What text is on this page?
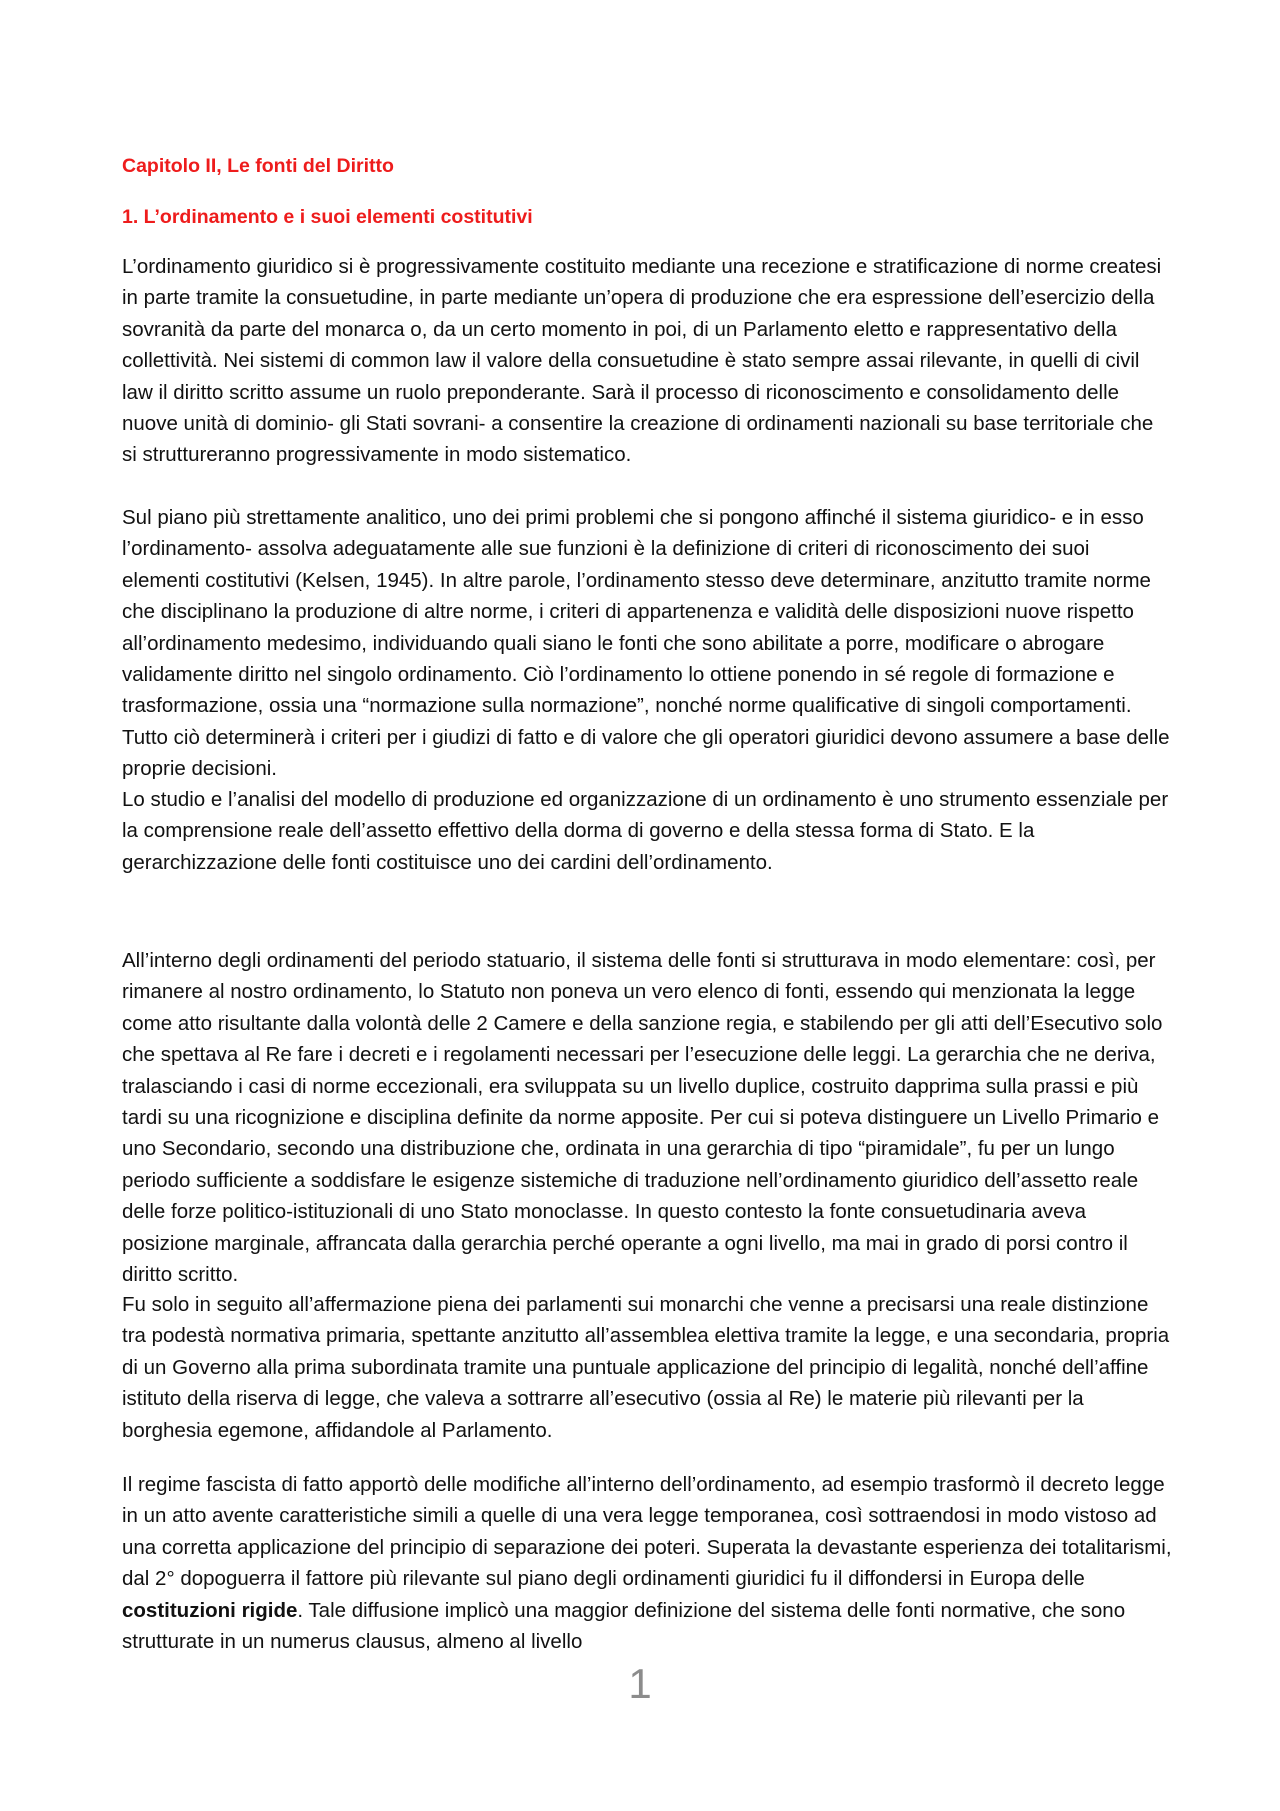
Capitolo II, Le fonti del Diritto
1. L’ordinamento e i suoi elementi costitutivi

L’ordinamento giuridico si è progressivamente costituito mediante una recezione e stratificazione di norme createsi in parte tramite la consuetudine, in parte mediante un’opera di produzione che era espressione dell’esercizio della sovranità da parte del monarca o, da un certo momento in poi, di un Parlamento eletto e rappresentativo della collettività. Nei sistemi di common law il valore della consuetudine è stato sempre assai rilevante, in quelli di civil law il diritto scritto assume un ruolo preponderante. Sarà il processo di riconoscimento e consolidamento delle nuove unità di dominio- gli Stati sovrani- a consentire la creazione di ordinamenti nazionali su base territoriale che si struttureranno progressivamente in modo sistematico.

Sul piano più strettamente analitico, uno dei primi problemi che si pongono affinché il sistema giuridico- e in esso l’ordinamento- assolva adeguatamente alle sue funzioni è la definizione di criteri di riconoscimento dei suoi elementi costitutivi (Kelsen, 1945). In altre parole, l’ordinamento stesso deve determinare, anzitutto tramite norme che disciplinano la produzione di altre norme, i criteri di appartenenza e validità delle disposizioni nuove rispetto all’ordinamento medesimo, individuando quali siano le fonti che sono abilitate a porre, modificare o abrogare validamente diritto nel singolo ordinamento. Ciò l’ordinamento lo ottiene ponendo in sé regole di formazione e trasformazione, ossia una “normazione sulla normazione”, nonché norme qualificative di singoli comportamenti. Tutto ciò determinerà i criteri per i giudizi di fatto e di valore che gli operatori giuridici devono assumere a base delle proprie decisioni.

Lo studio e l’analisi del modello di produzione ed organizzazione di un ordinamento è uno strumento essenziale per la comprensione reale dell’assetto effettivo della dorma di governo e della stessa forma di Stato. E la gerarchizzazione delle fonti costituisce uno dei cardini dell’ordinamento.

All’interno degli ordinamenti del periodo statuario, il sistema delle fonti si strutturava in modo elementare: così, per rimanere al nostro ordinamento, lo Statuto non poneva un vero elenco di fonti, essendo qui menzionata la legge come atto risultante dalla volontà delle 2 Camere e della sanzione regia, e stabilendo per gli atti dell’Esecutivo solo che spettava al Re fare i decreti e i regolamenti necessari per l’esecuzione delle leggi. La gerarchia che ne deriva, tralasciando i casi di norme eccezionali, era sviluppata su un livello duplice, costruito dapprima sulla prassi e più tardi su una ricognizione e disciplina definite da norme apposite. Per cui si poteva distinguere un Livello Primario e uno Secondario, secondo una distribuzione che, ordinata in una gerarchia di tipo “piramidale”, fu per un lungo periodo sufficiente a soddisfare le esigenze sistemiche di traduzione nell’ordinamento giuridico dell’assetto reale delle forze politico-istituzionali di uno Stato monoclasse. In questo contesto la fonte consuetudinaria aveva posizione marginale, affrancata dalla gerarchia perché operante a ogni livello, ma mai in grado di porsi contro il diritto scritto.

Fu solo in seguito all’affermazione piena dei parlamenti sui monarchi che venne a precisarsi una reale distinzione tra podestà normativa primaria, spettante anzitutto all’assemblea elettiva tramite la legge, e una secondaria, propria di un Governo alla prima subordinata tramite una puntuale applicazione del principio di legalità, nonché dell’affine istituto della riserva di legge, che valeva a sottrarre all’esecutivo (ossia al Re) le materie più rilevanti per la borghesia egemone, affidandole al Parlamento.

Il regime fascista di fatto apportò delle modifiche all’interno dell’ordinamento, ad esempio trasformò il decreto legge in un atto avente caratteristiche simili a quelle di una vera legge temporanea, così sottraendosi in modo vistoso ad una corretta applicazione del principio di separazione dei poteri. Superata la devastante esperienza dei totalitarismi, dal 2° dopoguerra il fattore più rilevante sul piano degli ordinamenti giuridici fu il diffondersi in Europa delle costituzioni rigide. Tale diffusione implicò una maggior definizione del sistema delle fonti normative, che sono strutturate in un numerus clausus, almeno al livello

1
